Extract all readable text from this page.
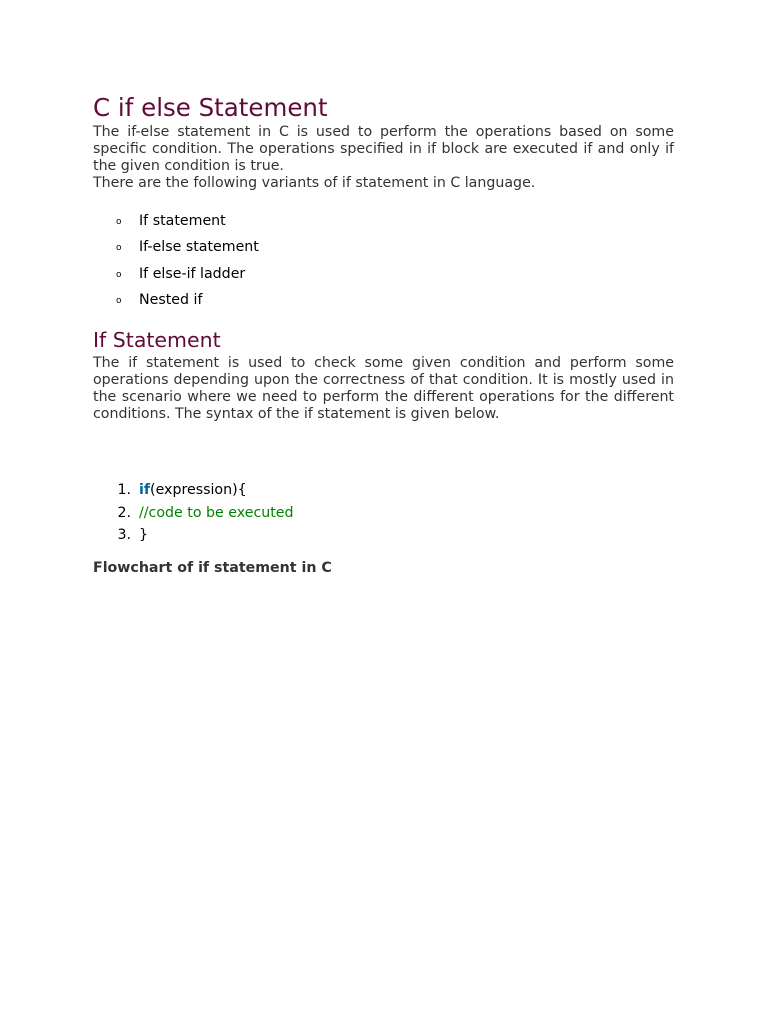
C if else Statement

The if-else statement in C is used to perform the operations based on some specific condition. The operations specified in if block are executed if and only if the given condition is true.

There are the following variants of if statement in C language.

o If statement
o If-else statement
o If else-if ladder
o Nested if
If Statement

The if statement is used to check some given condition and perform some operations depending upon the correctness of that condition. It is mostly used in the scenario where we need to perform the different operations for the different conditions. The syntax of the if statement is given below.

1. if(expression){
2. //code to be executed
3. }

Flowchart of if statement in C
